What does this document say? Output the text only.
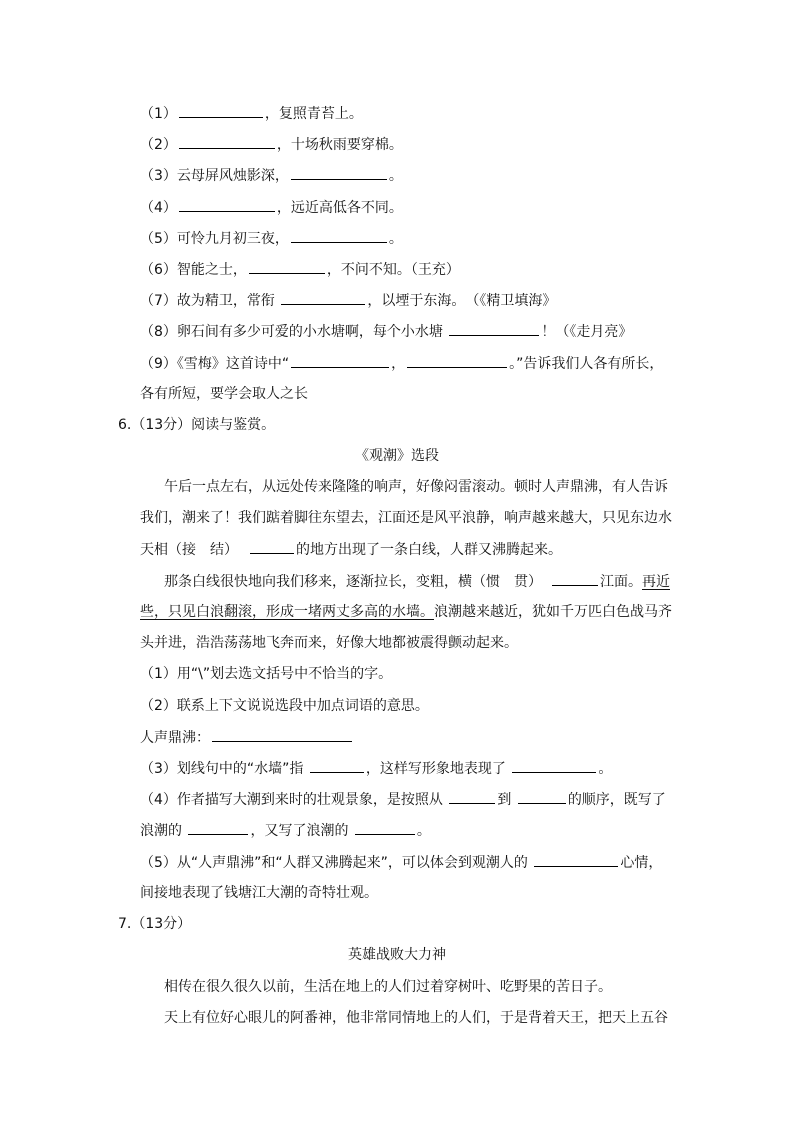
（1）	，复照青苔上。
（2）	，十场秋雨要穿棉。
（3）云母屏风烛影深，	。
（4）	，远近高低各不同。
（5）可怜九月初三夜，	。
（6）智能之士，	，不问不知。（王充）
（7）故为精卫，常衔	，以堙于东海。　（《精卫填海》
（8）卵石间有多少可爱的小水塘啊，每个小水塘	！（《走月亮》
（9）《雪梅》这首诗中“	，	。”告诉我们人各有所长，
各有所短，要学会取人之长
6.（13分）阅读与鉴赏。
《观潮》选段
午后一点左右，从远处传来隆隆的响声，好像闷雷滚动。顿时人声鼎沸，有人告诉
我们，潮来了！我们踮着脚往东望去，江面还是风平浪静，响声越来越大，只见东边水
天相（接　结）	的地方出现了一条白线，人群又沸腾起来。
那条白线很快地向我们移来，逐渐拉长，变粗，横（惯　贯）	江面。再近
些，只见白浪翻滚，形成一堵两丈多高的水墙。浪潮越来越近，犹如千万匹白色战马齐
头并进，浩浩荡荡地飞奔而来，好像大地都被震得颤动起来。
（1）用“\”划去选文括号中不恰当的字。
（2）联系上下文说说选段中加点词语的意思。
人声鼎沸：
（3）划线句中的“水墙”指	，这样写形象地表现了	。
（4）作者描写大潮到来时的壮观景象，是按照从	到	的顺序，既写了
浪潮的	，又写了浪潮的	。
（5）从“人声鼎沸”和“人群又沸腾起来”，可以体会到观潮人的	心情，
间接地表现了钱塘江大潮的奇特壮观。
7.（13分）
英雄战败大力神
相传在很久很久以前，生活在地上的人们过着穿树叶、吃野果的苦日子。
天上有位好心眼儿的阿番神，他非常同情地上的人们，于是背着天王，把天上五谷
